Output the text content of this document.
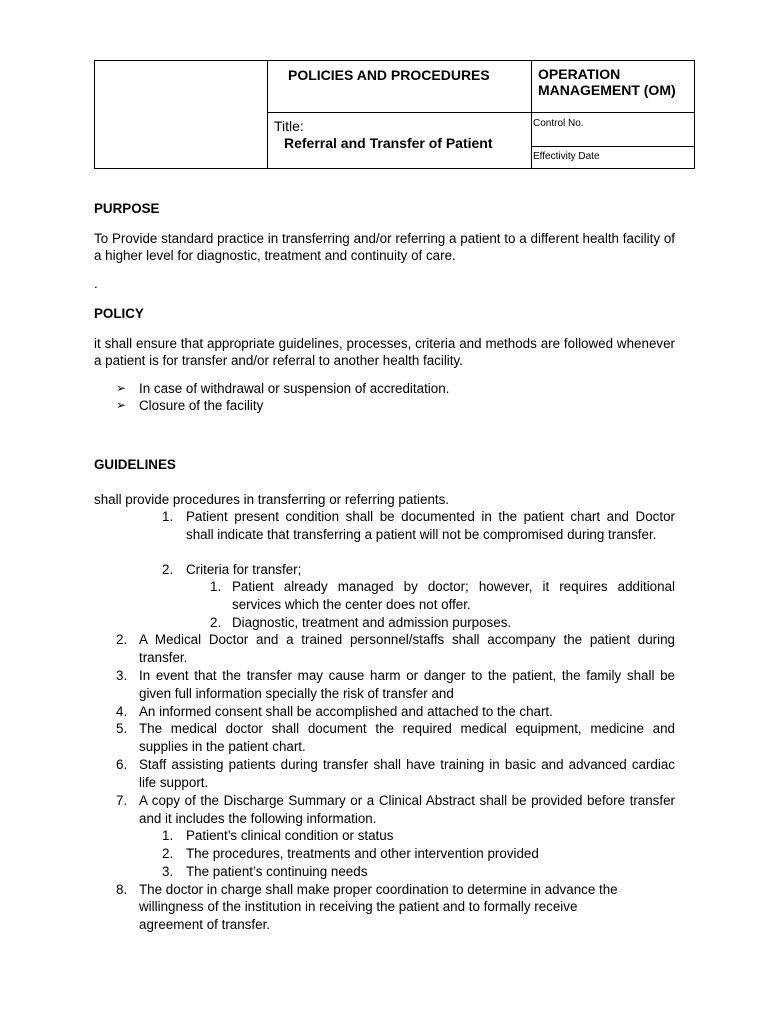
POLICIES AND PROCEDURES	OPERATION
MANAGEMENT (OM)
Title:
Referral and Transfer of Patient
Control No.
Effectivity Date
PURPOSE

To Provide standard practice in transferring and/or referring a patient to a different health facility of a higher level for diagnostic, treatment and continuity of care.

.
POLICY

it shall ensure that appropriate guidelines, processes, criteria and methods are followed whenever a patient is for transfer and/or referral to another health facility.

➢ In case of withdrawal or suspension of accreditation.
➢ Closure of the facility
GUIDELINES
shall provide procedures in transferring or referring patients.
1. Patient present condition shall be documented in the patient chart and Doctor shall indicate that transferring a patient will not be compromised during transfer.

2. Criteria for transfer;
1. Patient already managed by doctor; however, it requires additional services which the center does not offer.

2. Diagnostic, treatment and admission purposes.
2. A Medical Doctor and a trained personnel/staffs shall accompany the patient during transfer.

3. In event that the transfer may cause harm or danger to the patient, the family shall be given full information specially the risk of transfer and

4. An informed consent shall be accomplished and attached to the chart.
5. The medical doctor shall document the required medical equipment, medicine and supplies in the patient chart.

6. Staff assisting patients during transfer shall have training in basic and advanced cardiac life support.

7. A copy of the Discharge Summary or a Clinical Abstract shall be provided before transfer and it includes the following information.

1. Patient’s clinical condition or status
2. The procedures, treatments and other intervention provided
3. The patient’s continuing needs
8. The doctor in charge shall make proper coordination to determine in advance the
willingness of the institution in receiving the patient and to formally receive
agreement of transfer.
